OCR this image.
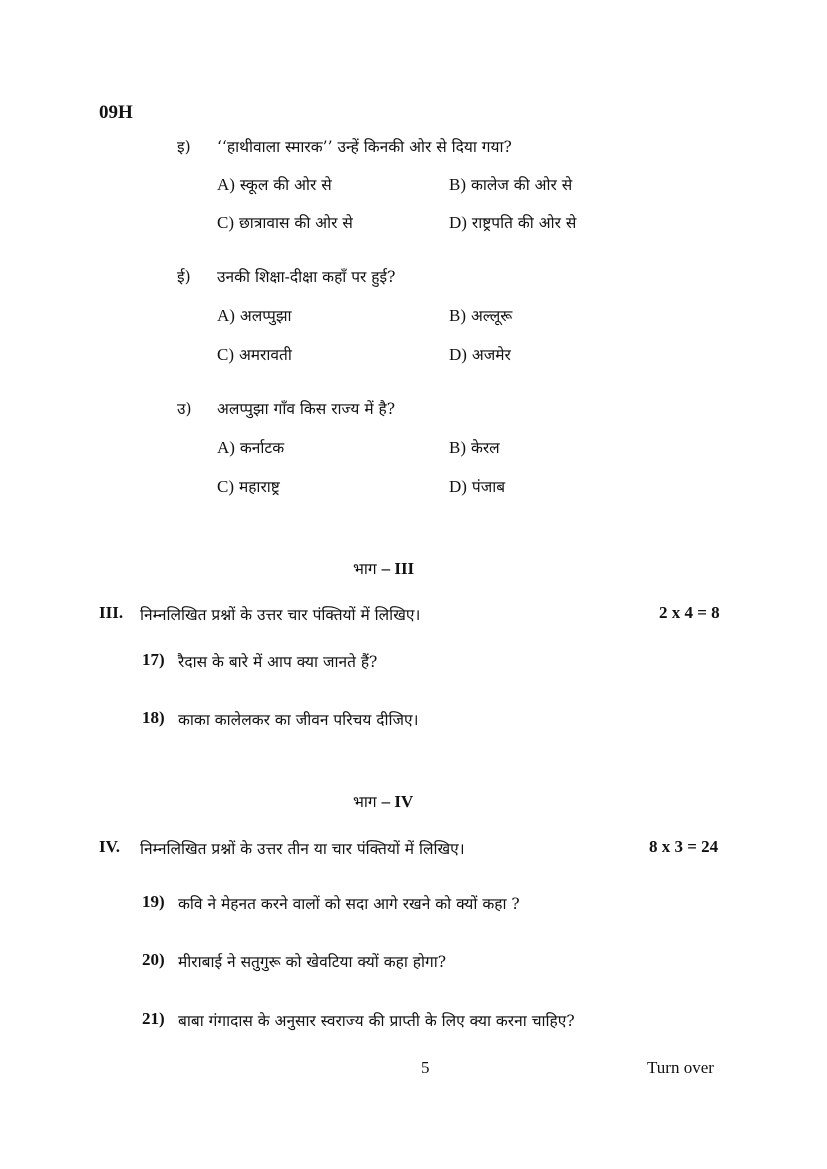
09H
इ) ‘‘हाथीवाला स्मारक’’ उन्हें किनकी ओर से दिया गया?
A) स्कूल की ओर से	B) कालेज की ओर से
C) छात्रावास की ओर से	D) राष्ट्रपति की ओर से
ई) उनकी शिक्षा-दीक्षा कहाँ पर हुई?
A) अलप्पुझा	B) अल्लूरू
C) अमरावती	D) अजमेर
उ) अलप्पुझा गाँव किस राज्य में है?
A) कर्नाटक	B) केरल
C) महाराष्ट्र	D) पंजाब
भाग – III
III. निम्नलिखित प्रश्नों के उत्तर चार पंक्तियों में लिखिए।	2 x 4 = 8
17) रैदास के बारे में आप क्या जानते हैं?
18) काका कालेलकर का जीवन परिचय दीजिए।
भाग – IV
IV. निम्नलिखित प्रश्नों के उत्तर तीन या चार पंक्तियों में लिखिए।	8 x 3 = 24
19) कवि ने मेहनत करने वालों को सदा आगे रखने को क्यों कहा ?
20) मीराबाई ने सतुगुरू को खेवटिया क्यों कहा होगा?
21) बाबा गंगादास के अनुसार स्वराज्य की प्राप्ती के लिए क्या करना चाहिए?
5	Turn over
